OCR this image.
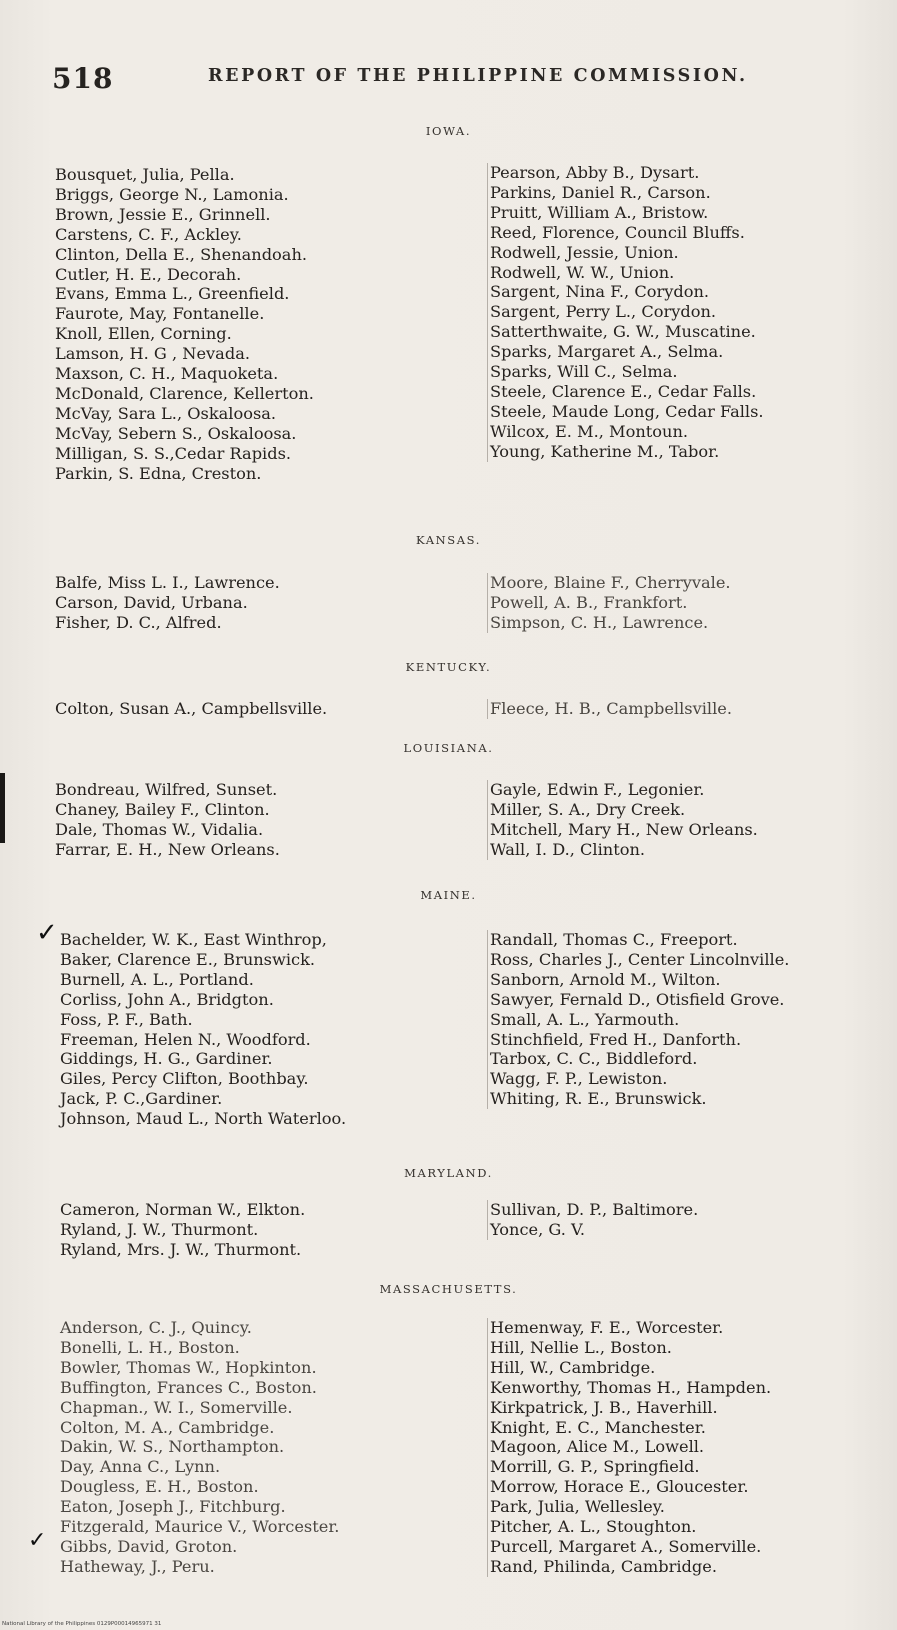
518	REPORT OF THE PHILIPPINE COMMISSION.
IOWA.
Bousquet, Julia, Pella.
Briggs, George N., Lamonia.
Brown, Jessie E., Grinnell.
Carstens, C. F., Ackley.
Clinton, Della E., Shenandoah.
Cutler, H. E., Decorah.
Evans, Emma L., Greenfield.
Faurote, May, Fontanelle.
Knoll, Ellen, Corning.
Lamson, H. G , Nevada.
Maxson, C. H., Maquoketa.
McDonald, Clarence, Kellerton.
McVay, Sara L., Oskaloosa.
McVay, Sebern S., Oskaloosa.
Milligan, S. S.,Cedar Rapids.
Parkin, S. Edna, Creston.
Pearson, Abby B., Dysart.
Parkins, Daniel R., Carson.
Pruitt, William A., Bristow.
Reed, Florence, Council Bluffs.
Rodwell, Jessie, Union.
Rodwell, W. W., Union.
Sargent, Nina F., Corydon.
Sargent, Perry L., Corydon.
Satterthwaite, G. W., Muscatine.
Sparks, Margaret A., Selma.
Sparks, Will C., Selma.
Steele, Clarence E., Cedar Falls.
Steele, Maude Long, Cedar Falls.
Wilcox, E. M., Montoun.
Young, Katherine M., Tabor.
KANSAS.
Balfe, Miss L. I., Lawrence.
Carson, David, Urbana.
Fisher, D. C., Alfred.
Moore, Blaine F., Cherryvale.
Powell, A. B., Frankfort.
Simpson, C. H., Lawrence.
KENTUCKY.
Colton, Susan A., Campbellsville.	Fleece, H. B., Campbellsville.
LOUISIANA.
Bondreau, Wilfred, Sunset.
Chaney, Bailey F., Clinton.
Dale, Thomas W., Vidalia.
Farrar, E. H., New Orleans.
Gayle, Edwin F., Legonier.
Miller, S. A., Dry Creek.
Mitchell, Mary H., New Orleans.
Wall, I. D., Clinton.
MAINE.
Bachelder, W. K., East Winthrop,
Baker, Clarence E., Brunswick.
Burnell, A. L., Portland.
Corliss, John A., Bridgton.
Foss, P. F., Bath.
Freeman, Helen N., Woodford.
Giddings, H. G., Gardiner.
Giles, Percy Clifton, Boothbay.
Jack, P. C.,Gardiner.
Johnson, Maud L., North Waterloo.
Randall, Thomas C., Freeport.
Ross, Charles J., Center Lincolnville.
Sanborn, Arnold M., Wilton.
Sawyer, Fernald D., Otisfield Grove.
Small, A. L., Yarmouth.
Stinchfield, Fred H., Danforth.
Tarbox, C. C., Biddleford.
Wagg, F. P., Lewiston.
Whiting, R. E., Brunswick.
MARYLAND.
Cameron, Norman W., Elkton.
Ryland, J. W., Thurmont.
Ryland, Mrs. J. W., Thurmont.
Sullivan, D. P., Baltimore.
Yonce, G. V.
MASSACHUSETTS.
Anderson, C. J., Quincy.
Bonelli, L. H., Boston.
Bowler, Thomas W., Hopkinton.
Buffington, Frances C., Boston.
Chapman., W. I., Somerville.
Colton, M. A., Cambridge.
Dakin, W. S., Northampton.
Day, Anna C., Lynn.
Dougless, E. H., Boston.
Eaton, Joseph J., Fitchburg.
Fitzgerald, Maurice V., Worcester.
Gibbs, David, Groton.
Hatheway, J., Peru.
Hemenway, F. E., Worcester.
Hill, Nellie L., Boston.
Hill, W., Cambridge.
Kenworthy, Thomas H., Hampden.
Kirkpatrick, J. B., Haverhill.
Knight, E. C., Manchester.
Magoon, Alice M., Lowell.
Morrill, G. P., Springfield.
Morrow, Horace E., Gloucester.
Park, Julia, Wellesley.
Pitcher, A. L., Stoughton.
Purcell, Margaret A., Somerville.
Rand, Philinda, Cambridge.
✓
✓
National Library of the Philippines 0129P00014965971 31
